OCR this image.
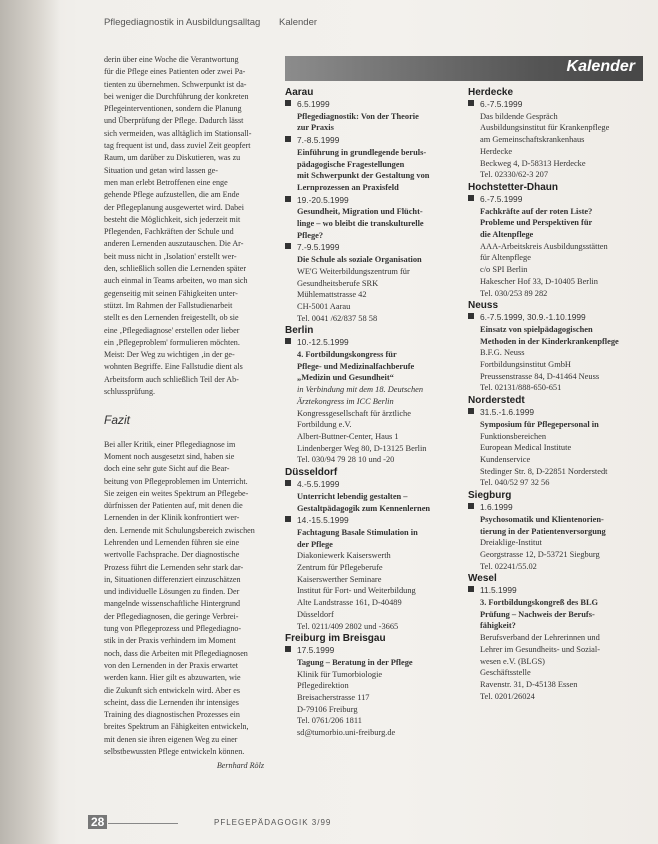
Pflegediagnostik in Ausbildungsalltag Kalender

derin über eine Woche die Verantwortung

für die Pflege eines Patienten oder zwei Pa-

tienten zu übernehmen. Schwerpunkt ist da-

bei weniger die Durchführung der konkreten

Pflegeinterventionen, sondern die Planung

und Überprüfung der Pflege. Dadurch lässt

sich vermeiden, was alltäglich im Stationsall-

tag frequent ist und, dass zuviel Zeit geopfert

Raum, um darüber zu Diskutieren, was zu

Situation und getan wird lassen ge-

men man erlebt Betroffenen eine enge

gehende Pflege aufzustellen, die am Ende

der Pflegeplanung ausgewertet wird. Dabei

besteht die Möglichkeit, sich jederzeit mit

Pflegenden, Fachkräften der Schule und

anderen Lernenden auszutauschen. Die Ar-

beit muss nicht in ‚Isolation' erstellt wer-

den, schließlich sollen die Lernenden später

auch einmal in Teams arbeiten, wo man sich

gegenseitig mit seinen Fähigkeiten unter-

stützt. Im Rahmen der Fallstudienarbeit

stellt es den Lernenden freigestellt, ob sie

eine ‚Pflegediagnose' erstellen oder lieber

ein ‚Pflegeproblem' formulieren möchten.

Meist: Der Weg zu wichtigen ‚in der ge-

wohnten Begriffe. Eine Fallstudie dient als

Arbeitsform auch schließlich Teil der Ab-

schlussprüfung.

Fazit

Bei aller Kritik, einer Pflegediagnose im

Moment noch ausgesetzt sind, haben sie

doch eine sehr gute Sicht auf die Bear-

beitung von Pflegeproblemen im Unterricht.

Sie zeigen ein weites Spektrum an Pflegebe-

dürfnissen der Patienten auf, mit denen die

Lernenden in der Klinik konfrontiert wer-

den. Lernende mit Schulungsbereich zwischen

Lehrenden und Lernenden führen sie eine

wertvolle Fachsprache. Der diagnostische

Prozess führt die Lernenden sehr stark dar-

in, Situationen differenziert einzuschätzen

und individuelle Lösungen zu finden. Der

mangelnde wissenschaftliche Hintergrund

der Pflegediagnosen, die geringe Verbrei-

tung von Pflegeprozess und Pflegediagno-

stik in der Praxis verhindern im Moment

noch, dass die Arbeiten mit Pflegediagnosen

von den Lernenden in der Praxis erwartet

werden kann. Hier gilt es abzuwarten, wie

die Zukunft sich entwickeln wird. Aber es

scheint, dass die Lernenden ihr intensiges

Training des diagnostischen Prozesses ein

breites Spektrum an Fähigkeiten entwickeln,

mit denen sie ihren eigenen Weg zu einer

selbstbewussten Pflege entwickeln können.

Bernhard Rölz
Kalender
Aarau
6.5.1999
Pflegediagnostik: Von der Theorie
zur Praxis
7.-8.5.1999
Einführung in grundlegende beruls-
pädagogische Fragestellungen
mit Schwerpunkt der Gestaltung von
Lernprozessen an Praxisfeld
19.-20.5.1999
Gesundheit, Migration und Flücht-
linge – wo bleibt die transkulturelle
Pflege?
7.-9.5.1999
Die Schule als soziale Organisation
WE'G Weiterbildungszentrum für
Gesundheitsberufe SRK
Mühlemattstrasse 42
CH-5001 Aarau
Tel. 0041 /62/837 58 58
Berlin
10.-12.5.1999
4. Fortbildungskongress für
Pflege- und Medizinalfachberufe
„Medizin und Gesundheit“
in Verbindung mit dem 18. Deutschen
Ärztekongress im ICC Berlin
Kongressgesellschaft für ärztliche
Fortbildung e.V.
Albert-Buttner-Center, Haus 1
Lindenberger Weg 80, D-13125 Berlin
Tel. 030/94 79 28 10 und -20
Düsseldorf
4.-5.5.1999
Unterricht lebendig gestalten –
Gestaltpädagogik zum Kennenlernen
14.-15.5.1999
Fachtagung Basale Stimulation in
der Pflege
Diakoniewerk Kaiserswerth
Zentrum für Pflegeberufe
Kaiserswerther Seminare
Institut für Fort- und Weiterbildung
Alte Landstrasse 161, D-40489
Düsseldorf
Tel. 0211/409 2802 und -3665
Freiburg im Breisgau
17.5.1999
Tagung – Beratung in der Pflege
Klinik für Tumorbiologie
Pflegedirektion
Breisacherstrasse 117
D-79106 Freiburg
Tel. 0761/206 1811
sd@tumorbio.uni-freiburg.de
Herdecke
6.-7.5.1999
Das bildende Gespräch
Ausbildungsinstitut für Krankenpflege
am Gemeinschaftskrankenhaus
Herdecke
Beckweg 4, D-58313 Herdecke
Tel. 02330/62-3 207
Hochstetter-Dhaun
6.-7.5.1999
Fachkräfte auf der roten Liste?
Probleme und Perspektiven für
die Altenpflege
AAA-Arbeitskreis Ausbildungsstätten
für Altenpflege
c/o SPI Berlin
Hakescher Hof 33, D-10405 Berlin
Tel. 030/253 89 282
Neuss
6.-7.5.1999, 30.9.-1.10.1999
Einsatz von spielpädagogischen
Methoden in der Kinderkrankenpflege
B.F.G. Neuss
Fortbildungsinstitut GmbH
Preussenstrasse 84, D-41464 Neuss
Tel. 02131/888-650-651
Norderstedt
31.5.-1.6.1999
Symposium für Pflegepersonal in
Funktionsbereichen
European Medical Institute
Kundenservice
Stedinger Str. 8, D-22851 Norderstedt
Tel. 040/52 97 32 56
Siegburg
1.6.1999
Psychosomatik und Klientenorien-
tierung in der Patientenversorgung
Dreiaklige-Institut
Georgstrasse 12, D-53721 Siegburg
Tel. 02241/55.02
Wesel
11.5.1999
3. Fortbildungskongreß des BLG
Prüfung – Nachweis der Berufs-
fähigkeit?
Berufsverband der Lehrerinnen und
Lehrer im Gesundheits- und Sozial-
wesen e.V. (BLGS)
Geschäftsstelle
Ravenstr. 31, D-45138 Essen
Tel. 0201/26024
28	PFLEGEPÄDAGOGIK 3/99
